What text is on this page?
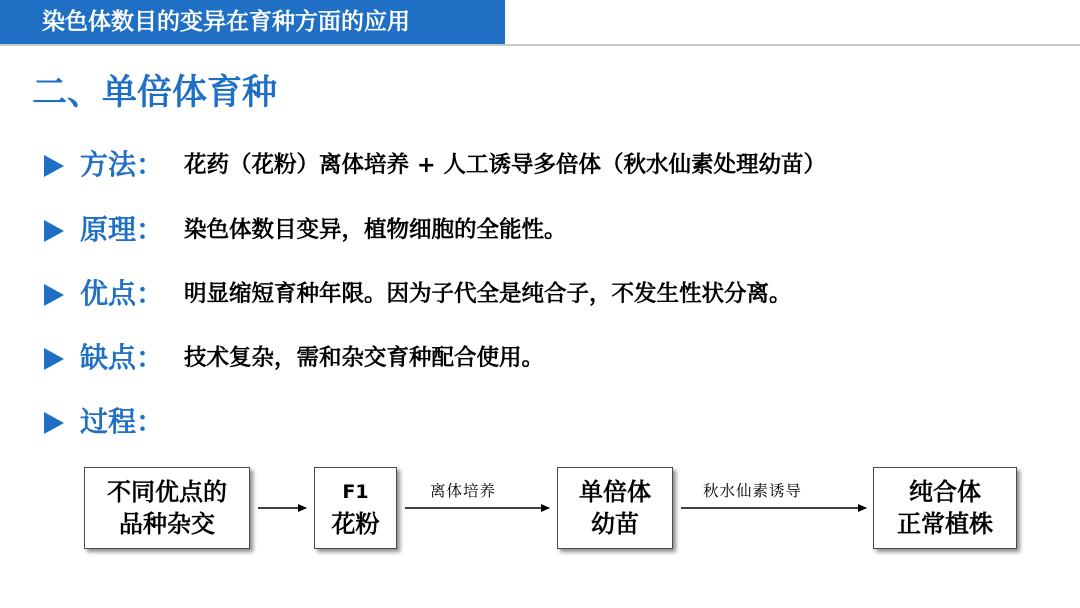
染色体数目的变异在育种方面的应用
二、单倍体育种
方法： 花药（花粉）离体培养 + 人工诱导多倍体（秋水仙素处理幼苗）
原理： 染色体数目变异，植物细胞的全能性。
优点： 明显缩短育种年限。因为子代全是纯合子，不发生性状分离。
缺点： 技术复杂，需和杂交育种配合使用。
过程：
离体培养	秋水仙素诱导
不同优点的
品种杂交
F1
花粉
单倍体
幼苗
纯合体
正常植株
